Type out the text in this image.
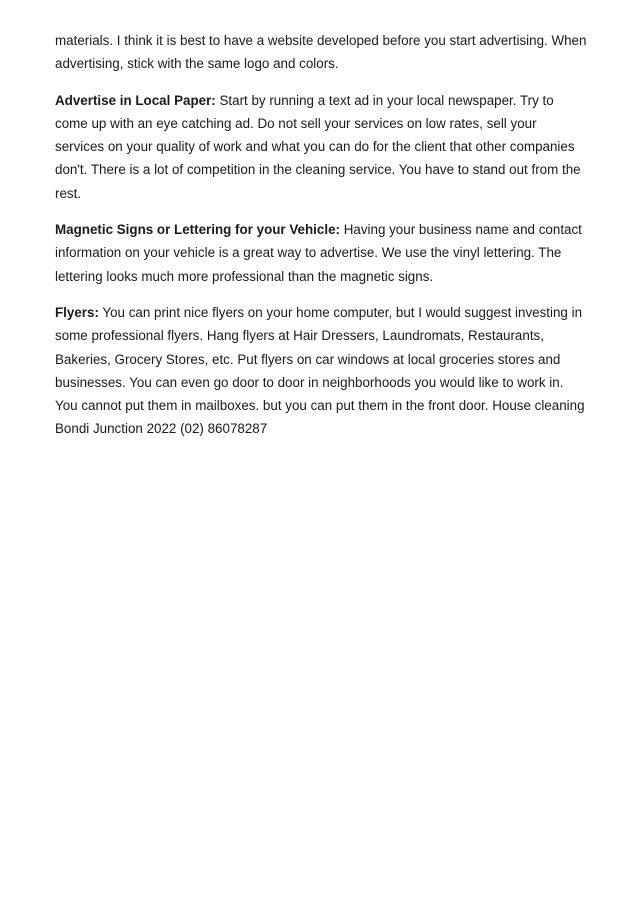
materials. I think it is best to have a website developed before you start advertising. When advertising, stick with the same logo and colors.

Advertise in Local Paper: Start by running a text ad in your local newspaper. Try to come up with an eye catching ad. Do not sell your services on low rates, sell your services on your quality of work and what you can do for the client that other companies don't. There is a lot of competition in the cleaning service. You have to stand out from the rest.

Magnetic Signs or Lettering for your Vehicle: Having your business name and contact information on your vehicle is a great way to advertise. We use the vinyl lettering. The lettering looks much more professional than the magnetic signs.

Flyers: You can print nice flyers on your home computer, but I would suggest investing in some professional flyers. Hang flyers at Hair Dressers, Laundromats, Restaurants, Bakeries, Grocery Stores, etc. Put flyers on car windows at local groceries stores and businesses. You can even go door to door in neighborhoods you would like to work in. You cannot put them in mailboxes. but you can put them in the front door. House cleaning Bondi Junction 2022 (02) 86078287
